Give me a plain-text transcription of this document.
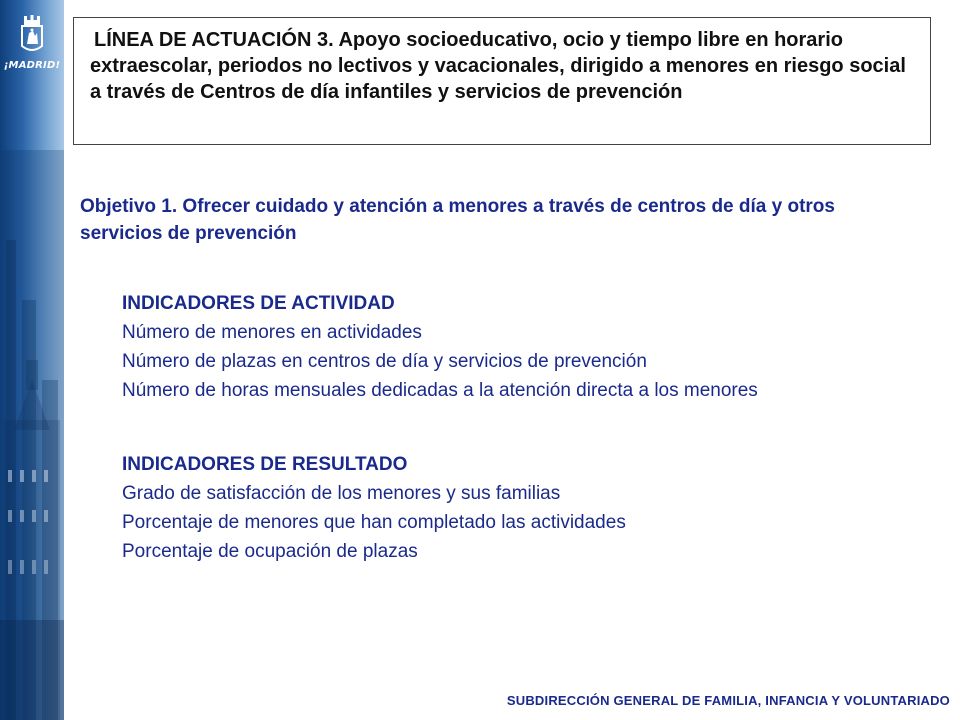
¡MADRID!

LÍNEA DE ACTUACIÓN 3. Apoyo socioeducativo, ocio y tiempo libre en horario extraescolar, periodos no lectivos y vacacionales, dirigido a menores en riesgo social a través de Centros de día infantiles y servicios de prevención

Objetivo 1. Ofrecer cuidado y atención a menores a través de centros de día y otros servicios de prevención

INDICADORES DE ACTIVIDAD

Número de menores en actividades
Número de plazas en centros de día y servicios de prevención
Número de horas mensuales dedicadas a la atención directa a los menores

INDICADORES DE RESULTADO

Grado de satisfacción de los menores y sus familias
Porcentaje de menores que han completado las actividades
Porcentaje de ocupación de plazas
SUBDIRECCIÓN GENERAL DE FAMILIA, INFANCIA Y VOLUNTARIADO
